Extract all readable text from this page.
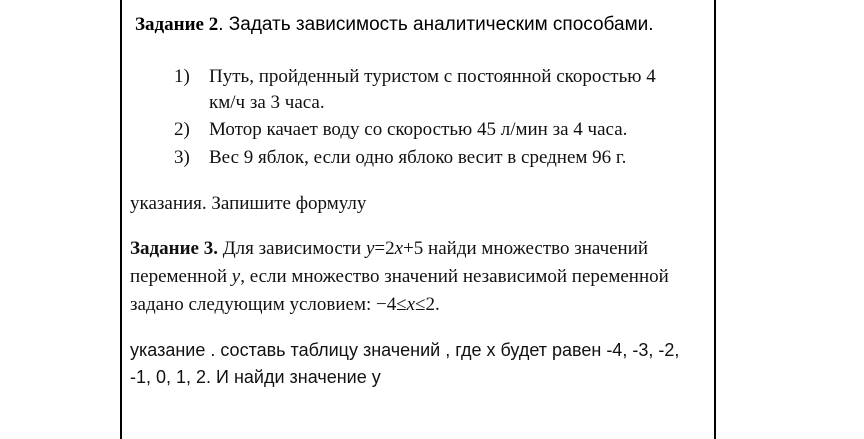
Задание 2. Задать зависимость аналитическим способами.
1) Путь, пройденный туристом с постоянной скоростью 4
км/ч за 3 часа.
2) Мотор качает воду со скоростью 45 л/мин за 4 часа.
3) Вес 9 яблок, если одно яблоко весит в среднем 96 г.
указания. Запишите формулу
Задание 3. Для зависимости y=2x+5 найди множество значений
переменной y, если множество значений независимой переменной
задано следующим условием: −4≤x≤2.
указание . составь таблицу значений , где х будет равен -4, -3, -2,
-1, 0, 1, 2. И найди значение у
